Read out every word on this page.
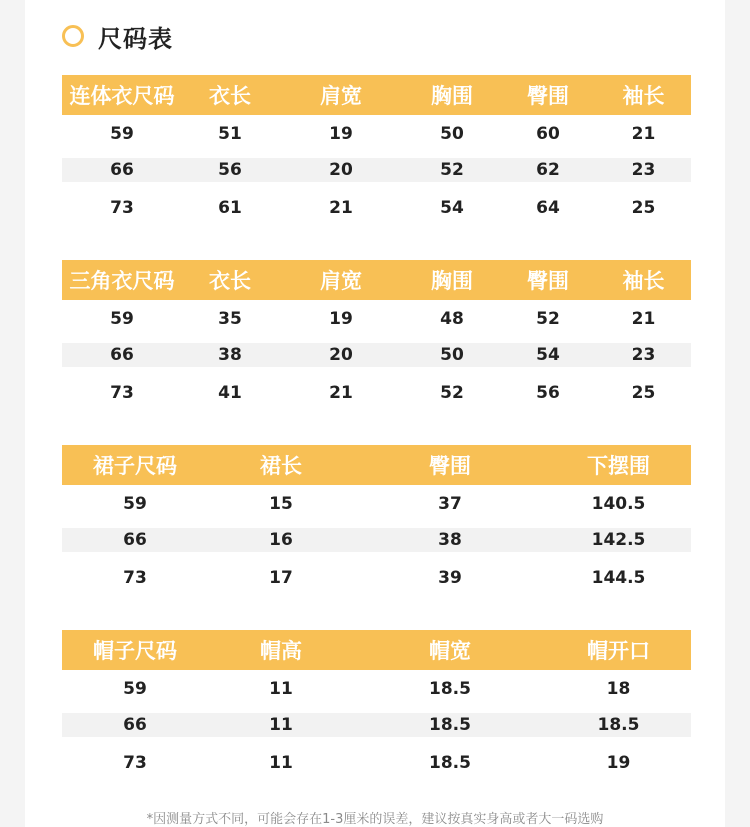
尺码表
连体衣尺码	衣长	肩宽	胸围	臀围	袖长
59	51	19	50	60	21
66	56	20	52	62	23
73	61	21	54	64	25
三角衣尺码	衣长	肩宽	胸围	臀围	袖长
59	35	19	48	52	21
66	38	20	50	54	23
73	41	21	52	56	25
裙子尺码	裙长	臀围	下摆围
59	15	37	140.5
66	16	38	142.5
73	17	39	144.5
帽子尺码	帽高	帽宽	帽开口
59	11	18.5	18
66	11	18.5	18.5
73	11	18.5	19
*因测量方式不同，可能会存在1-3厘米的误差，建议按真实身高或者大一码选购
